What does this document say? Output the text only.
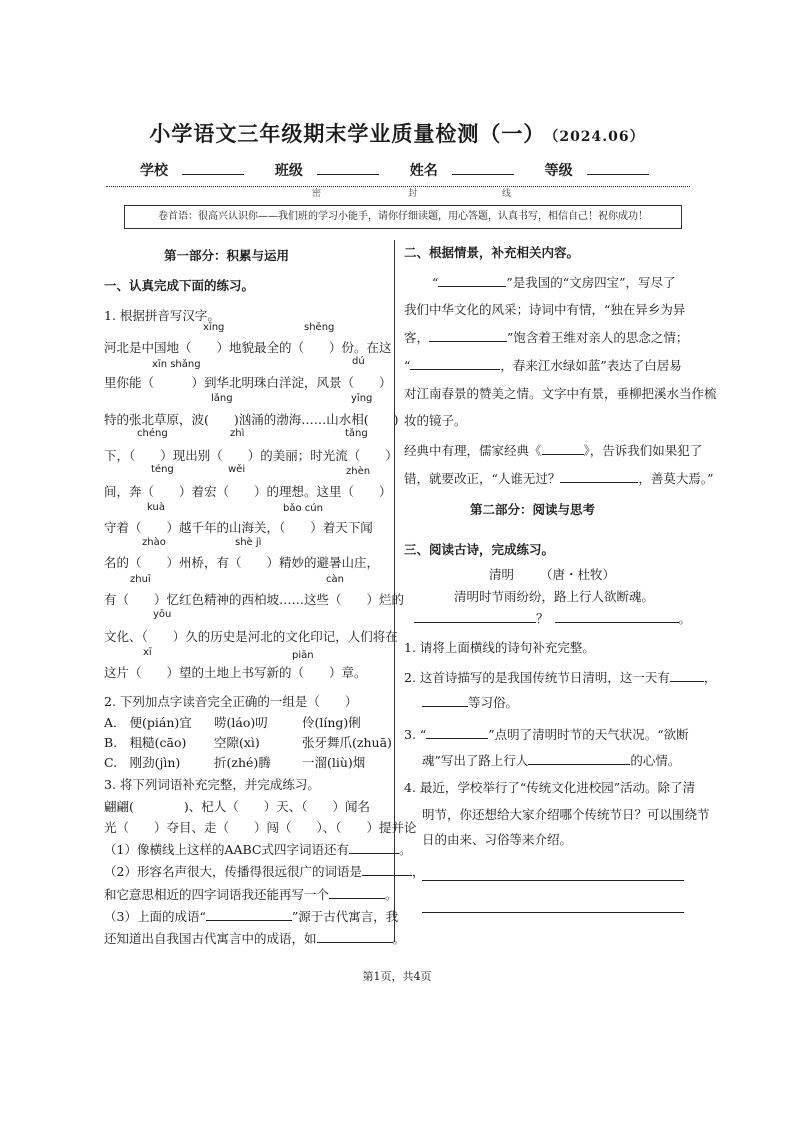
小学语文三年级期末学业质量检测（一） （2024.06）
学校	班级	姓名	等级
密	封	线
卷首语：很高兴认识你——我们班的学习小能手，请你仔细读题，用心答题，认真书写，相信自己！祝你成功！
第一部分：积累与运用
一、认真完成下面的练习。
1. 根据拼音写汉字。
xīng	shēng
xīn shǎng	dú
lǎng	yīng
chéng	zhì	tǎng
téng	wěi	zhèn
kuà	bǎo cún
zhào	shè jì
zhuī	càn
yōu
xī	piān
河北是中国地（　　）地貌最全的（　　）份。在这
里你能（　　　）到华北明珠白洋淀，风景（　　）
特的张北草原，波(　　)汹涌的渤海……山水相(　　)
下，（　　）现出别（　　）的美丽；时光流（　　）
间，奔（　　）着宏（　　）的理想。这里（　　）
守着（　　）越千年的山海关，（　　）着天下闻
名的（　　）州桥，有（　　）精妙的避暑山庄，
有（　　）忆红色精神的西柏坡……这些（　　）烂的
文化、（　　）久的历史是河北的文化印记，人们将在
这片（　　）望的土地上书写新的（　　）章。
2. 下列加点字读音完全正确的一组是（　　）
A.　便(pián)宜 唠(láo)叨	伶(líng)俐
B.　粗糙(cāo) 空隙(xì)	张牙舞爪(zhuā)
C.　刚劲(jìn)	折(zhé)腾 一溜(liù)烟
3. 将下列词语补充完整，并完成练习。
翩翩(　　　　)、杞人（　　）天、（　　）闻名
光（　　）夺目、走（　　）闯（　　）、（　　）提并论
（1）像横线上这样的AABC式四字词语还有	。
（2）形容名声很大，传播得很远很广的词语是	，
和它意思相近的四字词语我还能再写一个	。
（3）上面的成语“	”源于古代寓言，我
还知道出自我国古代寓言中的成语，如	。
二、根据情景，补充相关内容。
“	”是我国的“文房四宝”，写尽了
我们中华文化的风采；诗词中有情，“独在异乡为异
客，	”饱含着王维对亲人的思念之情；
“	，春来江水绿如蓝”表达了白居易
对江南春景的赞美之情。文字中有景，垂柳把溪水当作梳
妆的镜子。
经典中有理，儒家经典《	》，告诉我们如果犯了
错，就要改正，“人谁无过？	，善莫大焉。”
第二部分：阅读与思考
三、阅读古诗，完成练习。
清明 （唐・杜牧）
清明时节雨纷纷，路上行人欲断魂。
？	。
1. 请将上面横线的诗句补充完整。
2. 这首诗描写的是我国传统节日清明，这一天有	，
等习俗。
3. “	”点明了清明时节的天气状况。“欲断
魂”写出了路上行人	的心情。
4. 最近，学校举行了“传统文化进校园”活动。除了清
明节，你还想给大家介绍哪个传统节日？可以围绕节
日的由来、习俗等来介绍。
第1页，共4页
